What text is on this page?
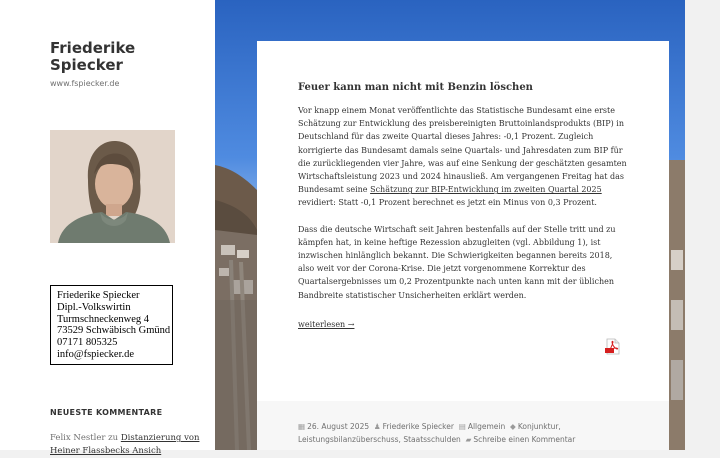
Friederike Spiecker
www.fspiecker.de
Friederike Spiecker
Dipl.-Volkswirtin
Turmschneckenweg 4
73529 Schwäbisch Gmünd
07171 805325
info@fspiecker.de
NEUESTE KOMMENTARE
Felix Nestler zu Distanzierung von Heiner Flassbecks Ansich
Feuer kann man nicht mit Benzin löschen

Vor knapp einem Monat veröffentlichte das Statistische Bundesamt eine erste Schätzung zur Entwicklung des preisbereinigten Bruttoinlandsprodukts (BIP) in Deutschland für das zweite Quartal dieses Jahres: -0,1 Prozent. Zugleich korrigierte das Bundesamt damals seine Quartals- und Jahresdaten zum BIP für die zurückliegenden vier Jahre, was auf eine Senkung der geschätzten gesamten Wirtschaftsleistung 2023 und 2024 hinausließ. Am vergangenen Freitag hat das Bundesamt seine Schätzung zur BIP-Entwicklung im zweiten Quartal 2025 revidiert: Statt -0,1 Prozent berechnet es jetzt ein Minus von 0,3 Prozent.

Dass die deutsche Wirtschaft seit Jahren bestenfalls auf der Stelle tritt und zu kämpfen hat, in keine heftige Rezession abzugleiten (vgl. Abbildung 1), ist inzwischen hinlänglich bekannt. Die Schwierigkeiten begannen bereits 2018, also weit vor der Corona-Krise. Die jetzt vorgenommene Korrektur des Quartalsergebnisses um 0,2 Prozentpunkte nach unten kann mit der üblichen Bandbreite statistischer Unsicherheiten erklärt werden.

weiterlesen →
▦ 26. August 2025 ♟ Friederike Spiecker ▤ Allgemein ◆ Konjunktur, Leistungsbilanzüberschuss, Staatsschulden ▰ Schreibe einen Kommentar
